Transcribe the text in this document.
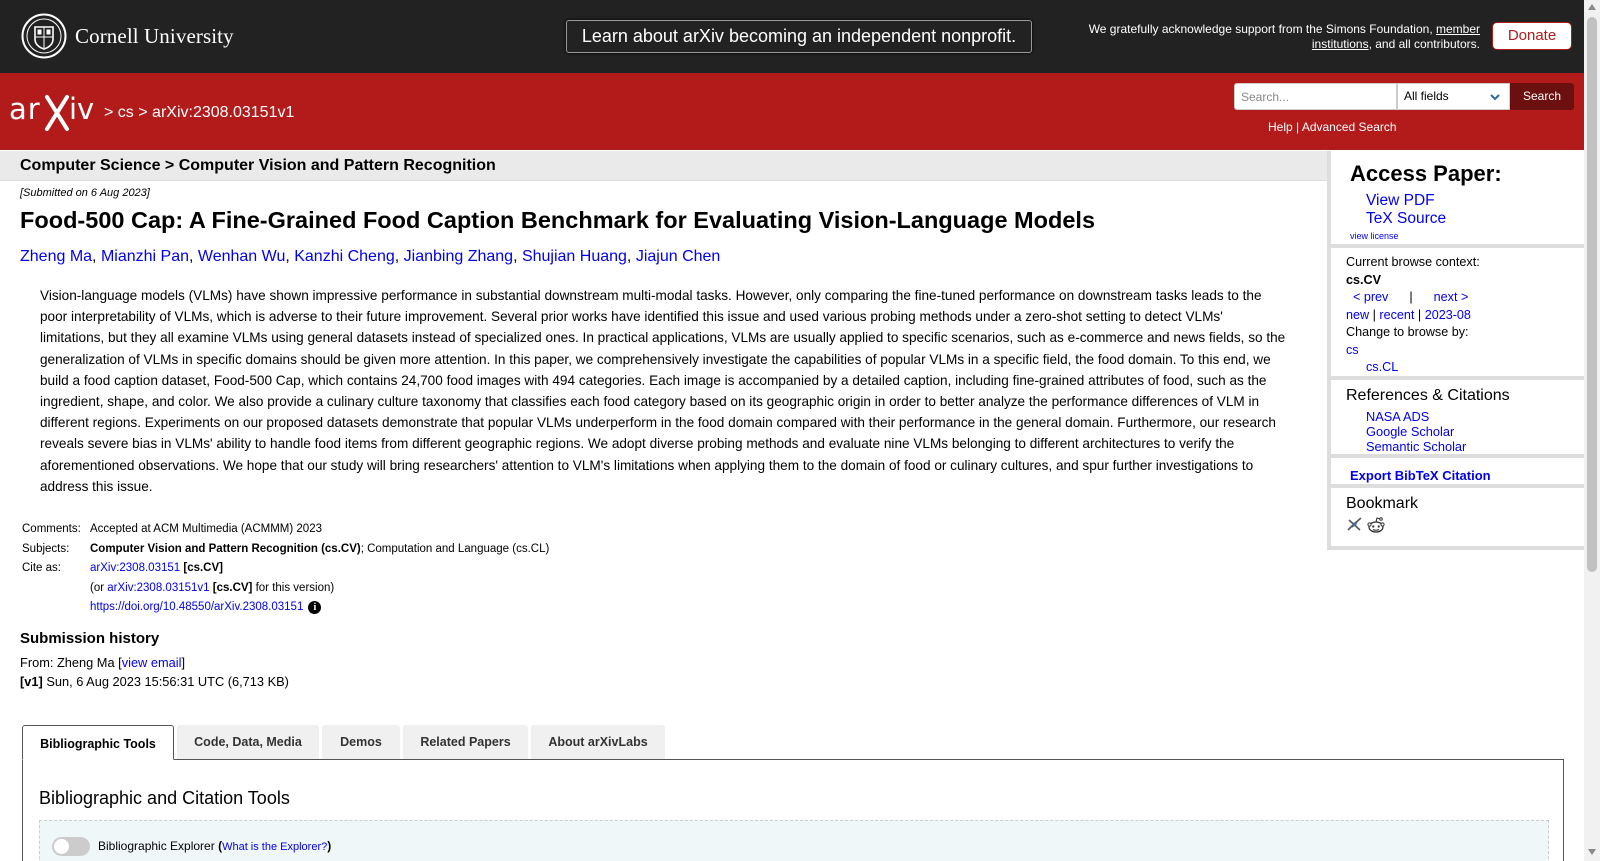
Cornell University	Learn about arXiv becoming an independent nonprofit.	We gratefully acknowledge support from the Simons Foundation, member institutions, and all contributors.	Donate
ar iv > cs > arXiv:2308.03151v1
Search...
All fields	Search
Help | Advanced Search
Computer Science > Computer Vision and Pattern Recognition
[Submitted on 6 Aug 2023]
Food-500 Cap: A Fine-Grained Food Caption Benchmark for Evaluating Vision-Language Models
Zheng Ma, Mianzhi Pan, Wenhan Wu, Kanzhi Cheng, Jianbing Zhang, Shujian Huang, Jiajun Chen
Vision-language models (VLMs) have shown impressive performance in substantial downstream multi-modal tasks. However, only comparing the fine-tuned performance on downstream tasks leads to the poor interpretability of VLMs, which is adverse to their future improvement. Several prior works have identified this issue and used various probing methods under a zero-shot setting to detect VLMs' limitations, but they all examine VLMs using general datasets instead of specialized ones. In practical applications, VLMs are usually applied to specific scenarios, such as e-commerce and news fields, so the generalization of VLMs in specific domains should be given more attention. In this paper, we comprehensively investigate the capabilities of popular VLMs in a specific field, the food domain. To this end, we build a food caption dataset, Food-500 Cap, which contains 24,700 food images with 494 categories. Each image is accompanied by a detailed caption, including fine-grained attributes of food, such as the ingredient, shape, and color. We also provide a culinary culture taxonomy that classifies each food category based on its geographic origin in order to better analyze the performance differences of VLM in different regions. Experiments on our proposed datasets demonstrate that popular VLMs underperform in the food domain compared with their performance in the general domain. Furthermore, our research reveals severe bias in VLMs' ability to handle food items from different geographic regions. We adopt diverse probing methods and evaluate nine VLMs belonging to different architectures to verify the aforementioned observations. We hope that our study will bring researchers' attention to VLM's limitations when applying them to the domain of food or culinary cultures, and spur further investigations to address this issue.
Comments:	Accepted at ACM Multimedia (ACMMM) 2023
Subjects:	Computer Vision and Pattern Recognition (cs.CV); Computation and Language (cs.CL)
Cite as:	arXiv:2308.03151 [cs.CV]
	(or arXiv:2308.03151v1 [cs.CV] for this version)
	https://doi.org/10.48550/arXiv.2308.03151 i
Submission history
From: Zheng Ma [view email]
[v1] Sun, 6 Aug 2023 15:56:31 UTC (6,713 KB)
Bibliographic Tools	Code, Data, Media	Demos	Related Papers	About arXivLabs
Bibliographic and Citation Tools
Bibliographic Explorer (What is the Explorer?)
Access Paper:
View PDF
TeX Source
view license
Current browse context:
cs.CV
< prev | next >
new | recent | 2023-08
Change to browse by:
cs
cs.CL
References & Citations
NASA ADS
Google Scholar
Semantic Scholar
Export BibTeX Citation
Bookmark
